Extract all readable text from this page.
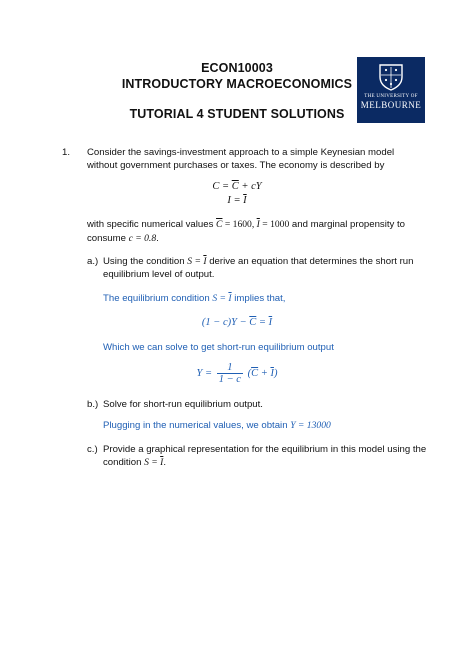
ECON10003
INTRODUCTORY MACROECONOMICS
TUTORIAL 4 STUDENT SOLUTIONS
THE UNIVERSITY OF
MELBOURNE
1. Consider the savings-investment approach to a simple Keynesian model
without government purchases or taxes. The economy is described by
$C = \overline{C}$ + cY
$I = \overline{I}$
with specific numerical values $\overline{C} = 1600$, $\overline{I} = 1000$ and marginal propensity to
consume c = 0.8.
a.) Using the condition $S = \overline{I}$ derive an equation that determines the short run
equilibrium level of output.
The equilibrium condition $S = \overline{I}$ implies that,
$(1 - c)Y - \overline{C} = \overline{I}$
Which we can solve to get short-run equilibrium output
$Y = \frac{1}{1 - c} (\overline{C} + \overline{I})$
b.) Solve for short-run equilibrium output.
Plugging in the numerical values, we obtain Y = 13000
c.) Provide a graphical representation for the equilibrium in this model using the
condition $S = \overline{I}$.
